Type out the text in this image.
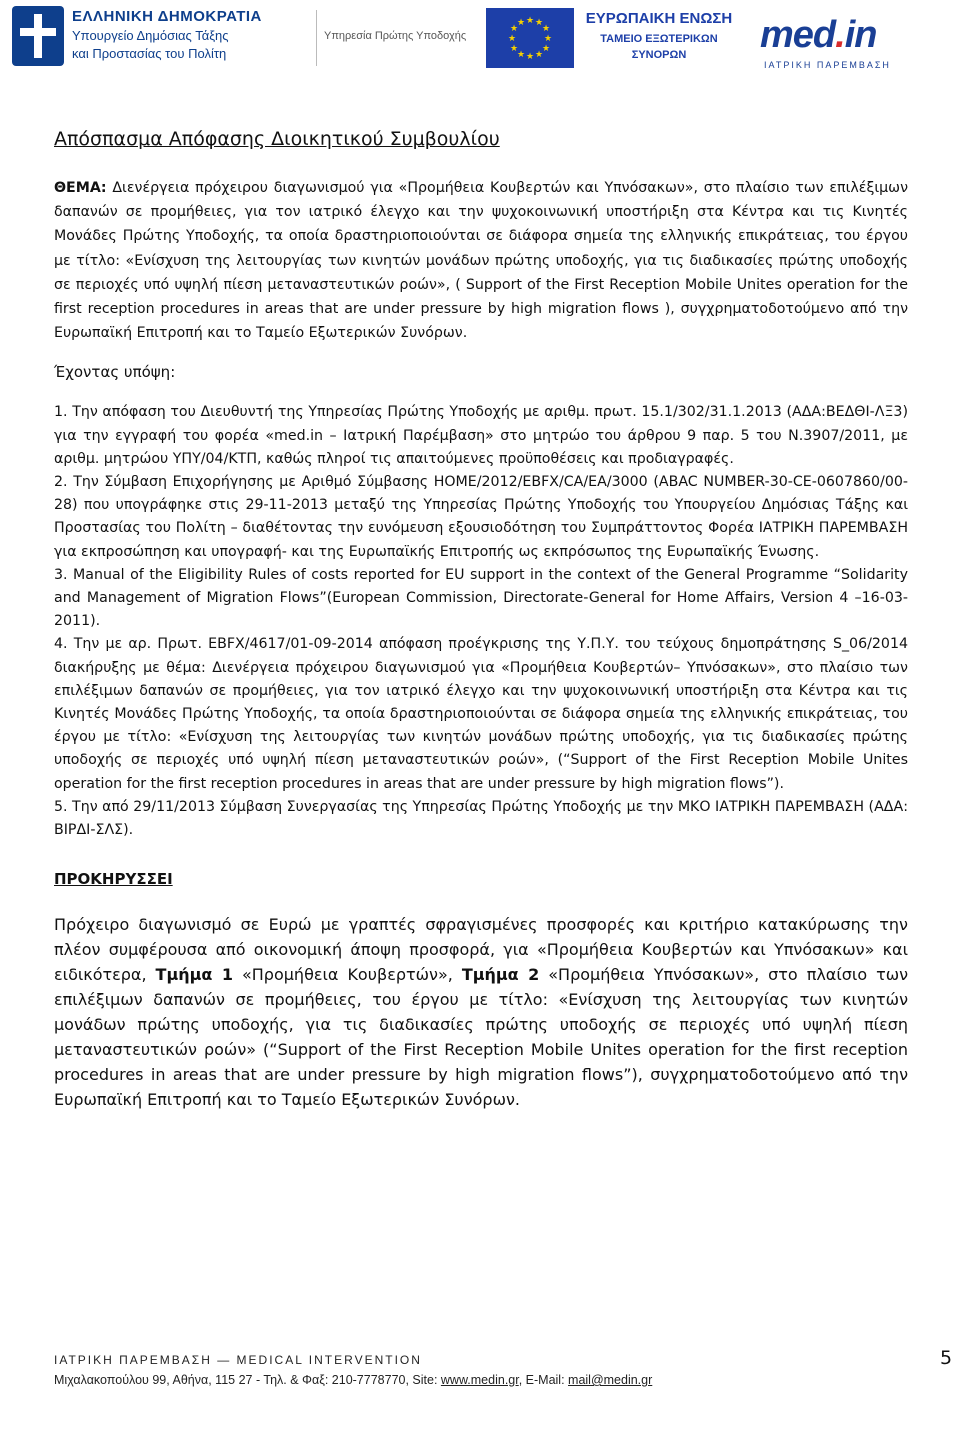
ΕΛΛΗΝΙΚΗ ΔΗΜΟΚΡΑΤΙΑ
Υπουργείο Δημόσιας Τάξης
και Προστασίας του Πολίτη
Υπηρεσία Πρώτης Υποδοχής
★ ★
★
★
★
★
★
★
★
★
★
★	ΕΥΡΩΠΑΙΚΗ ΕΝΩΣΗ
ΤΑΜΕΙΟ ΕΞΩΤΕΡΙΚΩΝ
ΣΥΝΟΡΩΝ	med.in
ΙΑΤΡΙΚΗ ΠΑΡΕΜΒΑΣΗ
Απόσπασμα Απόφασης Διοικητικού Συμβουλίου

ΘΕΜΑ: Διενέργεια πρόχειρου διαγωνισμού για «Προμήθεια Κουβερτών και Υπνόσακων», στο πλαίσιο των επιλέξιμων δαπανών σε προμήθειες, για τον ιατρικό έλεγχο και την ψυχοκοινωνική υποστήριξη στα Κέντρα και τις Κινητές Μονάδες Πρώτης Υποδοχής, τα οποία δραστηριοποιούνται σε διάφορα σημεία της ελληνικής επικράτειας, του έργου με τίτλο: «Ενίσχυση της λειτουργίας των κινητών μονάδων πρώτης υποδοχής, για τις διαδικασίες πρώτης υποδοχής σε περιοχές υπό υψηλή πίεση μεταναστευτικών ροών», ( Support of the First Reception Mobile Unites operation for the first reception procedures in areas that are under pressure by high migration flows ), συγχρηματοδοτούμενο από την Ευρωπαϊκή Επιτροπή και το Ταμείο Εξωτερικών Συνόρων.

Έχοντας υπόψη:

1. Την απόφαση του Διευθυντή της Υπηρεσίας Πρώτης Υποδοχής με αριθμ. πρωτ. 15.1/302/31.1.2013 (ΑΔΑ:ΒΕΔΘΙ-ΛΞ3) για την εγγραφή του φορέα «med.in – Ιατρική Παρέμβαση» στο μητρώο του άρθρου 9 παρ. 5 του Ν.3907/2011, με αριθμ. μητρώου ΥΠΥ/04/ΚΤΠ, καθώς πληροί τις απαιτούμενες προϋποθέσεις και προδιαγραφές.

2. Την Σύμβαση Επιχορήγησης με Αριθμό Σύμβασης HOME/2012/EBFX/CA/EA/3000 (ABAC NUMBER-30-CE-0607860/00-28) που υπογράφηκε στις 29-11-2013 μεταξύ της Υπηρεσίας Πρώτης Υποδοχής του Υπουργείου Δημόσιας Τάξης και Προστασίας του Πολίτη – διαθέτοντας την ευνόμευση εξουσιοδότηση του Συμπράττοντος Φορέα ΙΑΤΡΙΚΗ ΠΑΡΕΜΒΑΣΗ για εκπροσώπηση και υπογραφή- και της Ευρωπαϊκής Επιτροπής ως εκπρόσωπος της Ευρωπαϊκής Ένωσης.

3. Manual of the Eligibility Rules of costs reported for EU support in the context of the General Programme “Solidarity and Management of Migration Flows”(European Commission, Directorate-General for Home Affairs, Version 4 –16-03-2011).

4. Την με αρ. Πρωτ. EBFX/4617/01-09-2014 απόφαση προέγκρισης της Υ.Π.Υ. του τεύχους δημοπράτησης S_06/2014 διακήρυξης με θέμα: Διενέργεια πρόχειρου διαγωνισμού για «Προμήθεια Κουβερτών– Υπνόσακων», στο πλαίσιο των επιλέξιμων δαπανών σε προμήθειες, για τον ιατρικό έλεγχο και την ψυχοκοινωνική υποστήριξη στα Κέντρα και τις Κινητές Μονάδες Πρώτης Υποδοχής, τα οποία δραστηριοποιούνται σε διάφορα σημεία της ελληνικής επικράτειας, του έργου με τίτλο: «Ενίσχυση της λειτουργίας των κινητών μονάδων πρώτης υποδοχής, για τις διαδικασίες πρώτης υποδοχής σε περιοχές υπό υψηλή πίεση μεταναστευτικών ροών», (“Support of the First Reception Mobile Unites operation for the first reception procedures in areas that are under pressure by high migration flows”).

5. Την από 29/11/2013 Σύμβαση Συνεργασίας της Υπηρεσίας Πρώτης Υποδοχής με την ΜΚΟ ΙΑΤΡΙΚΗ ΠΑΡΕΜΒΑΣΗ (ΑΔΑ: ΒΙΡΔΙ-ΣΛΣ).

ΠΡΟΚΗΡΥΣΣΕΙ

Πρόχειρο διαγωνισμό σε Ευρώ με γραπτές σφραγισμένες προσφορές και κριτήριο κατακύρωσης την πλέον συμφέρουσα από οικονομική άποψη προσφορά, για «Προμήθεια Κουβερτών και Υπνόσακων» και ειδικότερα, Τμήμα 1 «Προμήθεια Κουβερτών», Τμήμα 2 «Προμήθεια Υπνόσακων», στο πλαίσιο των επιλέξιμων δαπανών σε προμήθειες, του έργου με τίτλο: «Ενίσχυση της λειτουργίας των κινητών μονάδων πρώτης υποδοχής, για τις διαδικασίες πρώτης υποδοχής σε περιοχές υπό υψηλή πίεση μεταναστευτικών ροών» (“Support of the First Reception Mobile Unites operation for the first reception procedures in areas that are under pressure by high migration flows”), συγχρηματοδοτούμενο από την Ευρωπαϊκή Επιτροπή και το Ταμείο Εξωτερικών Συνόρων.

ΙΑΤΡΙΚΗ ΠΑΡΕΜΒΑΣΗ — MEDICAL INTERVENTION
Μιχαλακοπούλου 99, Αθήνα, 115 27 - Τηλ. & Φαξ: 210-7778770, Site: www.medin.gr, E-Mail: mail@medin.gr
5
